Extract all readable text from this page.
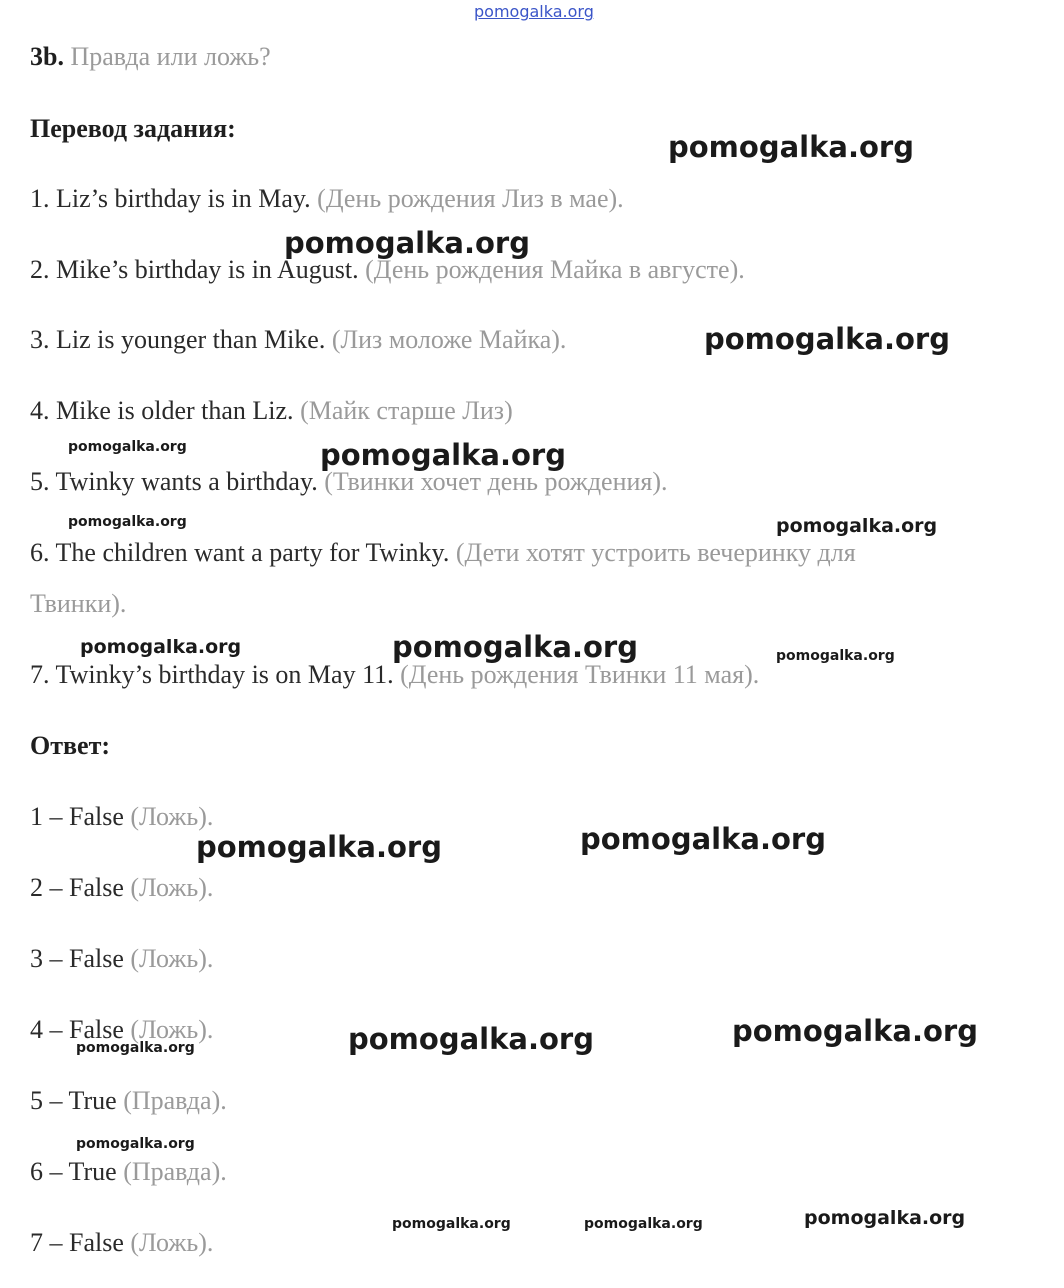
pomogalka.org
3b. Правда или ложь?
Перевод задания:
1. Liz’s birthday is in May. (День рождения Лиз в мае).
2. Mike’s birthday is in August. (День рождения Майка в августе).
3. Liz is younger than Mike. (Лиз моложе Майка).
4. Mike is older than Liz. (Майк старше Лиз)
5. Twinky wants a birthday. (Твинки хочет день рождения).
6. The children want a party for Twinky. (Дети хотят устроить вечеринку для
Твинки).
7. Twinky’s birthday is on May 11. (День рождения Твинки 11 мая).
Ответ:
1 – False (Ложь).
2 – False (Ложь).
3 – False (Ложь).
4 – False (Ложь).
5 – True (Правда).
6 – True (Правда).
7 – False (Ложь).
pomogalka.org
pomogalka.org
pomogalka.org
pomogalka.org	pomogalka.org
pomogalka.org	pomogalka.org
pomogalka.org	pomogalka.org	pomogalka.org
pomogalka.org
pomogalka.org
pomogalka.org	pomogalka.org
pomogalka.org
pomogalka.org
pomogalka.org	pomogalka.org	pomogalka.org
